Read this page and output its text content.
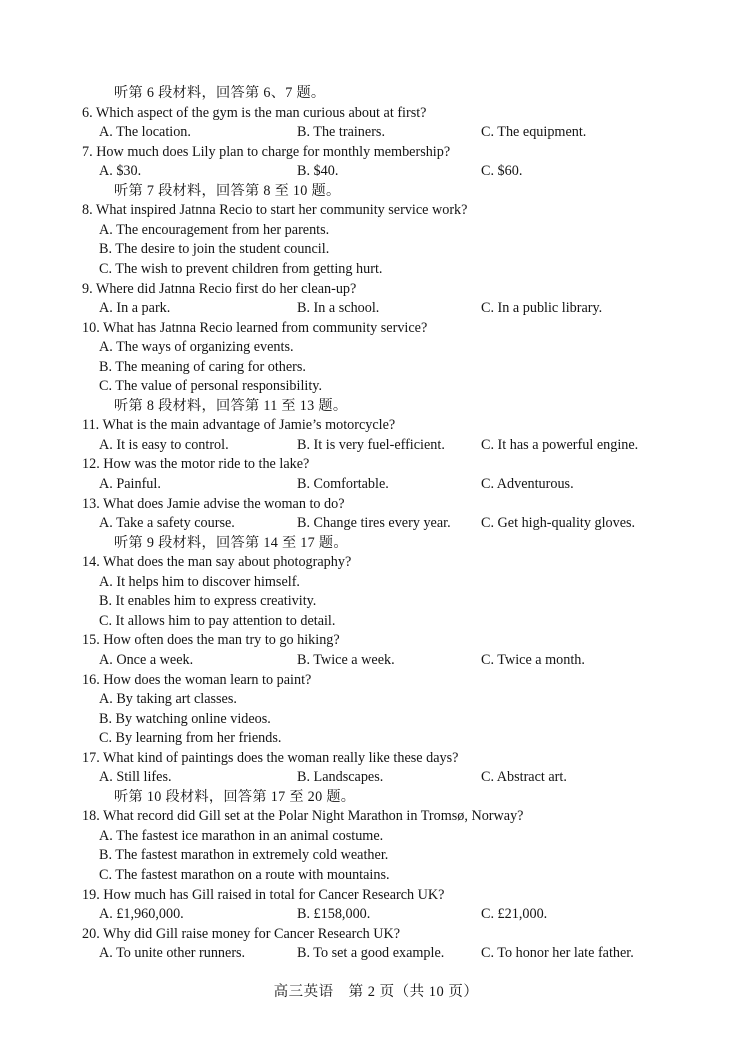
听第 6 段材料，回答第 6、7 题。
6. Which aspect of the gym is the man curious about at first?
A. The location.	B. The trainers.	C. The equipment.
7. How much does Lily plan to charge for monthly membership?
A. $30.	B. $40.	C. $60.
听第 7 段材料，回答第 8 至 10 题。
8. What inspired Jatnna Recio to start her community service work?
A. The encouragement from her parents.
B. The desire to join the student council.
C. The wish to prevent children from getting hurt.
9. Where did Jatnna Recio first do her clean-up?
A. In a park.	B. In a school.	C. In a public library.
10. What has Jatnna Recio learned from community service?
A. The ways of organizing events.
B. The meaning of caring for others.
C. The value of personal responsibility.
听第 8 段材料，回答第 11 至 13 题。
11. What is the main advantage of Jamie’s motorcycle?
A. It is easy to control.	B. It is very fuel-efficient.	C. It has a powerful engine.
12. How was the motor ride to the lake?
A. Painful.	B. Comfortable.	C. Adventurous.
13. What does Jamie advise the woman to do?
A. Take a safety course.	B. Change tires every year. C. Get high-quality gloves.
听第 9 段材料，回答第 14 至 17 题。
14. What does the man say about photography?
A. It helps him to discover himself.
B. It enables him to express creativity.
C. It allows him to pay attention to detail.
15. How often does the man try to go hiking?
A. Once a week.	B. Twice a week.	C. Twice a month.
16. How does the woman learn to paint?
A. By taking art classes.
B. By watching online videos.
C. By learning from her friends.
17. What kind of paintings does the woman really like these days?
A. Still lifes.	B. Landscapes.	C. Abstract art.
听第 10 段材料，回答第 17 至 20 题。
18. What record did Gill set at the Polar Night Marathon in Tromsø, Norway?
A. The fastest ice marathon in an animal costume.
B. The fastest marathon in extremely cold weather.
C. The fastest marathon on a route with mountains.
19. How much has Gill raised in total for Cancer Research UK?
A. £1,960,000.	B. £158,000.	C. £21,000.
20. Why did Gill raise money for Cancer Research UK?
A. To unite other runners.	B. To set a good example.	C. To honor her late father.
高三英语　第 2 页（共 10 页）
